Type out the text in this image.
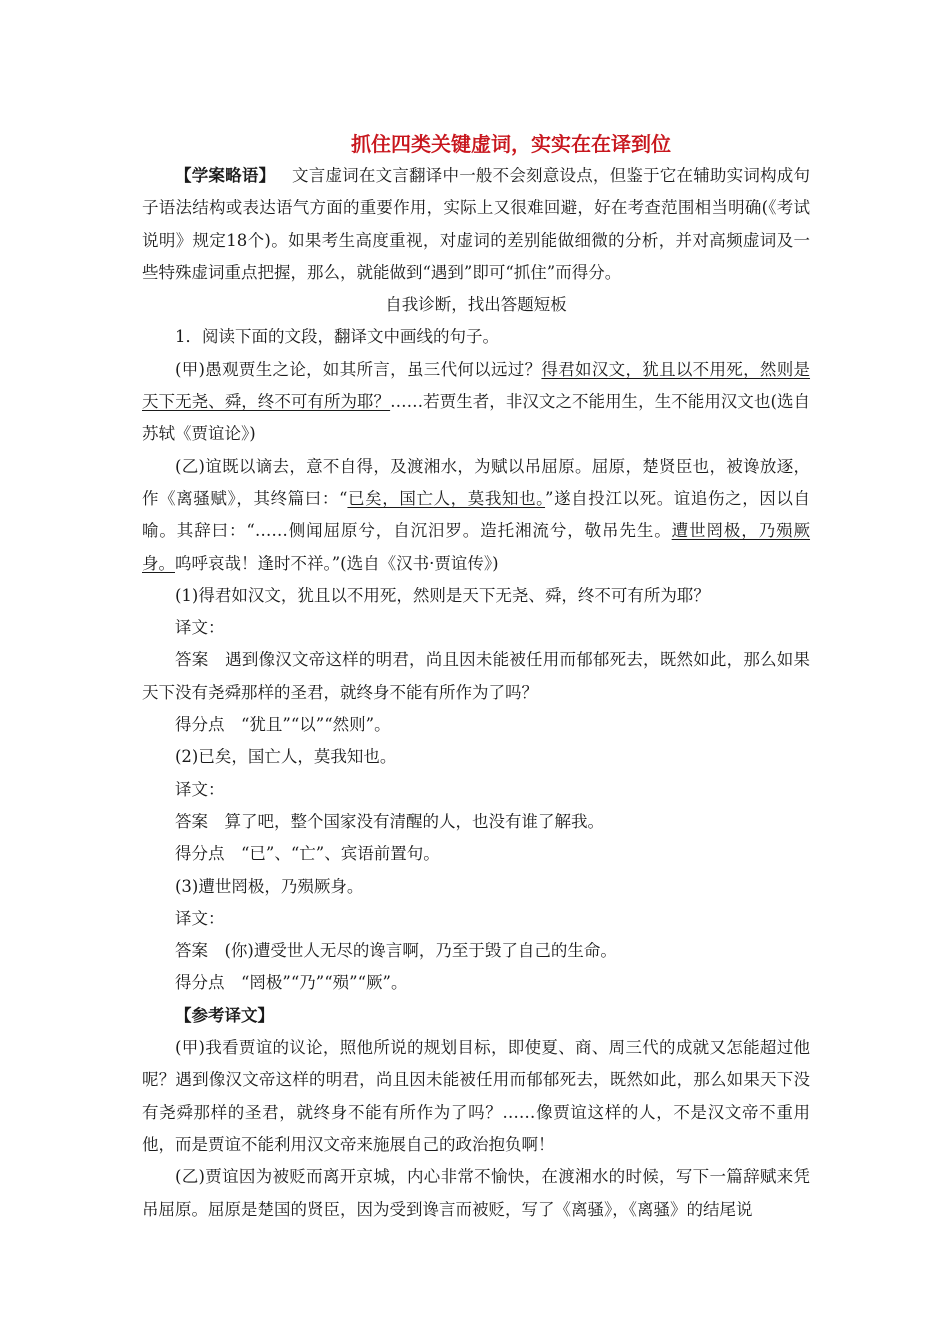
抓住四类关键虚词，实实在在译到位

【学案略语】 文言虚词在文言翻译中一般不会刻意设点，但鉴于它在辅助实词构成句子语法结构或表达语气方面的重要作用，实际上又很难回避，好在考查范围相当明确(《考试说明》规定18个)。如果考生高度重视，对虚词的差别能做细微的分析，并对高频虚词及一些特殊虚词重点把握，那么，就能做到“遇到”即可“抓住”而得分。

自我诊断，找出答题短板

1．阅读下面的文段，翻译文中画线的句子。

(甲)愚观贾生之论，如其所言，虽三代何以远过？得君如汉文，犹且以不用死，然则是天下无尧、舜，终不可有所为耶？……若贾生者，非汉文之不能用生，生不能用汉文也(选自苏轼《贾谊论》)

(乙)谊既以谪去，意不自得，及渡湘水，为赋以吊屈原。屈原，楚贤臣也，被谗放逐，作《离骚赋》，其终篇曰：“已矣，国亡人，莫我知也。”遂自投江以死。谊追伤之，因以自喻。其辞曰：“……侧闻屈原兮，自沉汨罗。造托湘流兮，敬吊先生。遭世罔极，乃殒厥身。呜呼哀哉！逢时不祥。”(选自《汉书·贾谊传》)

(1)得君如汉文，犹且以不用死，然则是天下无尧、舜，终不可有所为耶？

译文：

答案 遇到像汉文帝这样的明君，尚且因未能被任用而郁郁死去，既然如此，那么如果天下没有尧舜那样的圣君，就终身不能有所作为了吗？

得分点 “犹且”“以”“然则”。

(2)已矣，国亡人，莫我知也。

译文：

答案 算了吧，整个国家没有清醒的人，也没有谁了解我。

得分点 “已”、“亡”、宾语前置句。

(3)遭世罔极，乃殒厥身。

译文：

答案 (你)遭受世人无尽的谗言啊，乃至于毁了自己的生命。

得分点 “罔极”“乃”“殒”“厥”。

【参考译文】

(甲)我看贾谊的议论，照他所说的规划目标，即使夏、商、周三代的成就又怎能超过他呢？遇到像汉文帝这样的明君，尚且因未能被任用而郁郁死去，既然如此，那么如果天下没有尧舜那样的圣君，就终身不能有所作为了吗？……像贾谊这样的人，不是汉文帝不重用他，而是贾谊不能利用汉文帝来施展自己的政治抱负啊！

(乙)贾谊因为被贬而离开京城，内心非常不愉快，在渡湘水的时候，写下一篇辞赋来凭吊屈原。屈原是楚国的贤臣，因为受到谗言而被贬，写了《离骚》，《离骚》的结尾说
